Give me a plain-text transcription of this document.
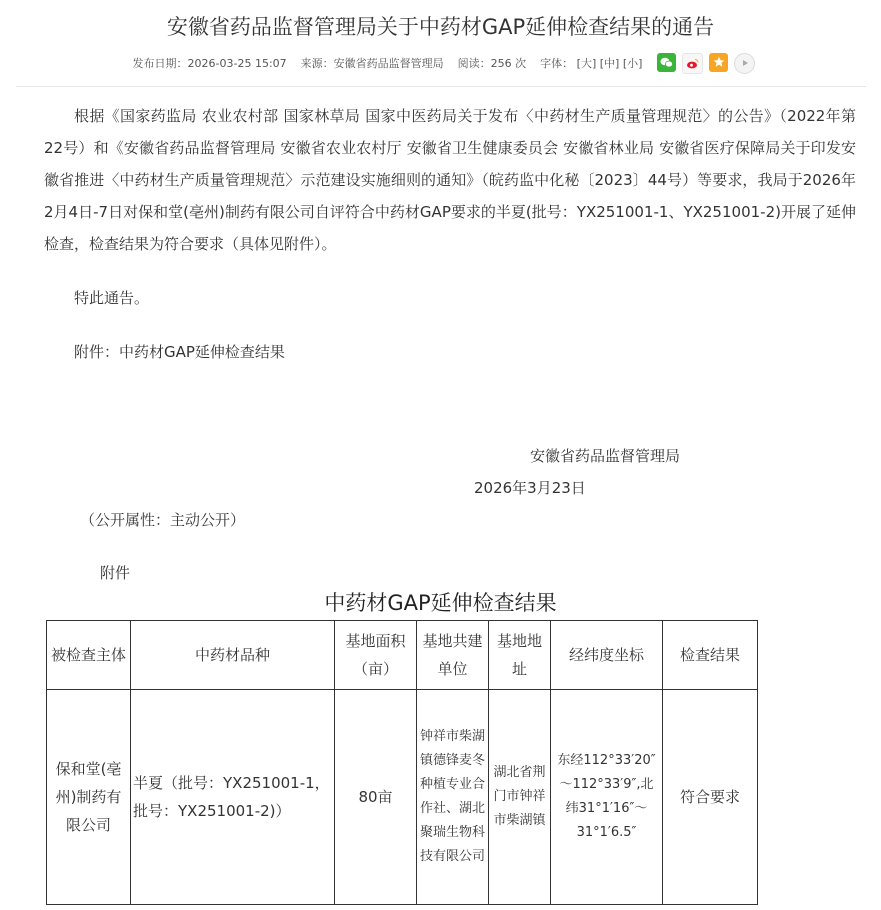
安徽省药品监督管理局关于中药材GAP延伸检查结果的通告
发布日期：2026-03-25 15:07 来源：安徽省药品监督管理局 阅读：256 次 字体： [大] [中] [小]

根据《国家药监局 农业农村部 国家林草局 国家中医药局关于发布〈中药材生产质量管理规范〉的公告》（2022年第22号）和《安徽省药品监督管理局 安徽省农业农村厅 安徽省卫生健康委员会 安徽省林业局 安徽省医疗保障局关于印发安徽省推进〈中药材生产质量管理规范〉示范建设实施细则的通知》（皖药监中化秘〔2023〕44号）等要求，我局于2026年2月4日-7日对保和堂(亳州)制药有限公司自评符合中药材GAP要求的半夏(批号：YX251001-1、YX251001-2)开展了延伸检查，检查结果为符合要求（具体见附件）。

特此通告。

附件：中药材GAP延伸检查结果

安徽省药品监督管理局
2026年3月23日
（公开属性：主动公开）
附件
中药材GAP延伸检查结果
被检查主体	中药材品种	基地面积（亩）	基地共建单位	基地地址	经纬度坐标	检查结果
保和堂(亳州)制药有限公司	半夏（批号：YX251001-1，批号：YX251001-2)）	80亩	钟祥市柴湖镇德锋麦冬种植专业合作社、湖北聚瑞生物科技有限公司	湖北省荆门市钟祥市柴湖镇	东经112°33′20″～112°33′9″,北纬31°1′16″～31°1′6.5″	符合要求
